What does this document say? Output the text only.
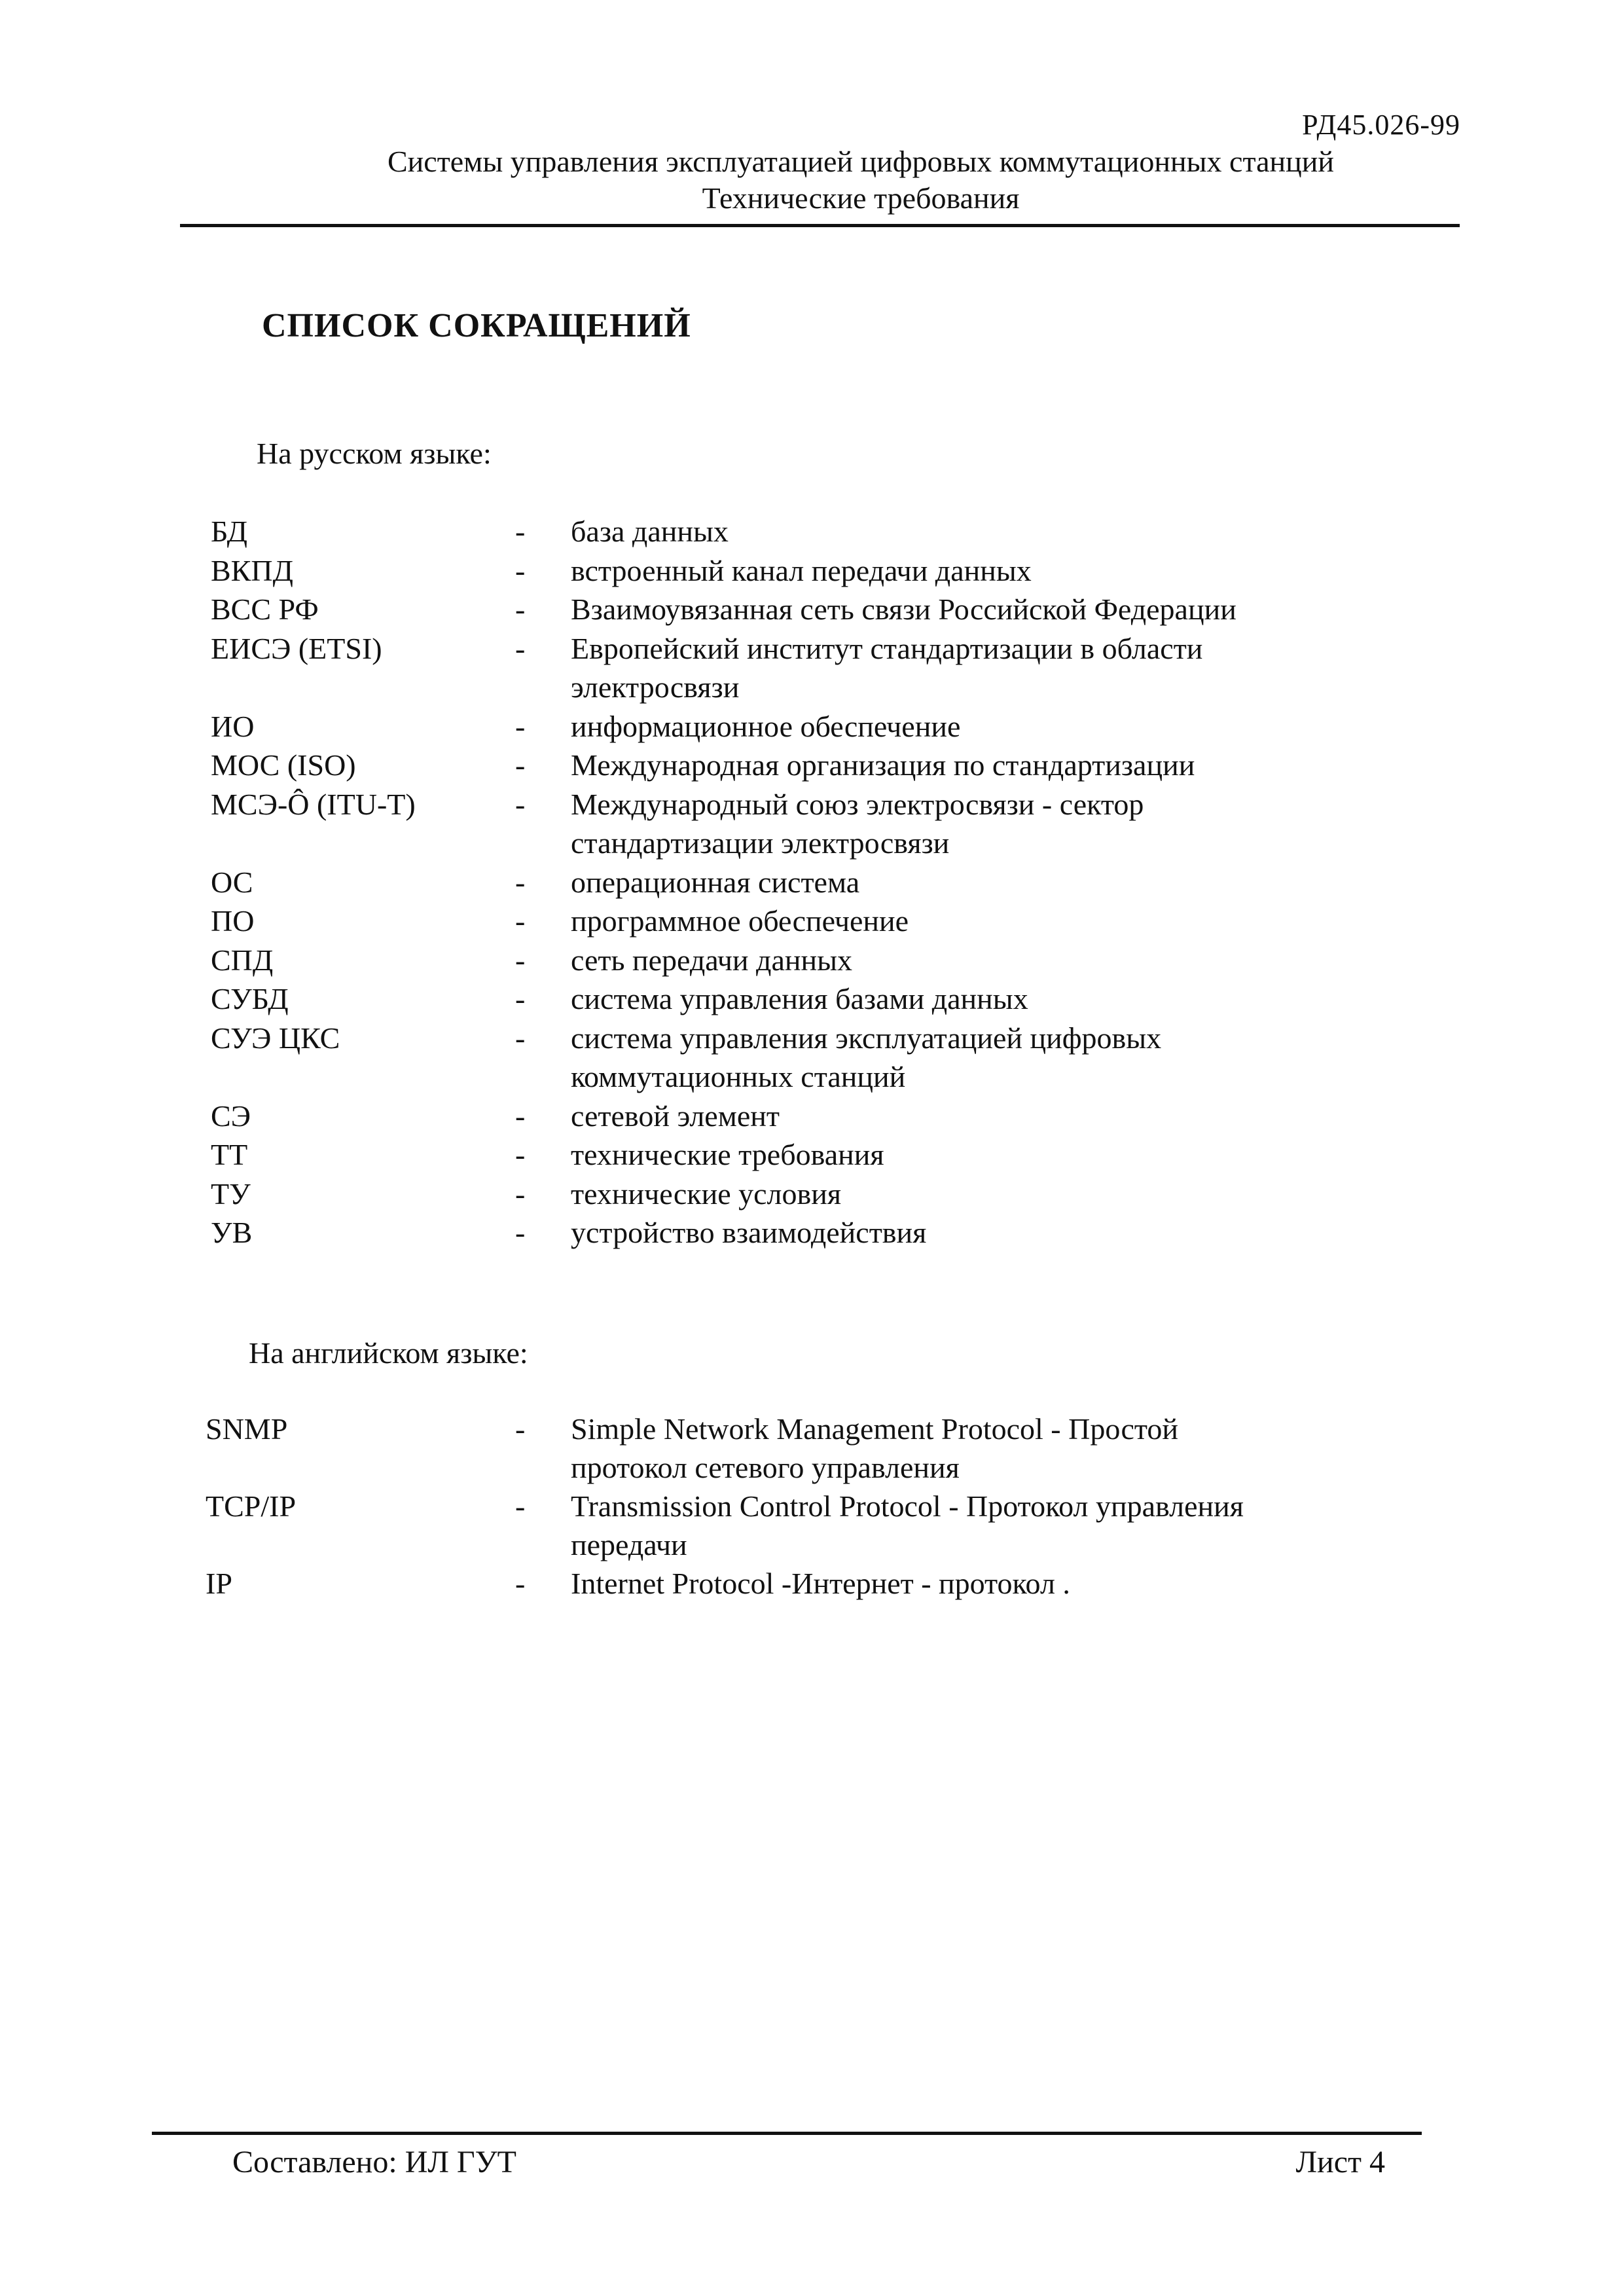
РД45.026-99
Системы управления эксплуатацией цифровых коммутационных станций
Технические требования
СПИСОК СОКРАЩЕНИЙ
На русском языке:
БД	-	база данных
ВКПД	-	встроенный канал передачи данных
ВСС РФ	-	Взаимоувязанная сеть связи Российской Федерации
ЕИСЭ (ETSI)	-	Европейский институт стандартизации в области
электросвязи
ИО	-	информационное обеспечение
МОС (ISO)	-	Международная организация по стандартизации
МСЭ-Ô (ITU-T)	-	Международный союз электросвязи - сектор
стандартизации электросвязи
ОС	-	операционная система
ПО	-	программное обеспечение
СПД	-	сеть передачи данных
СУБД	-	система управления базами данных
СУЭ ЦКС	-	система управления эксплуатацией цифровых
коммутационных станций
СЭ	-	сетевой элемент
ТТ	-	технические требования
ТУ	-	технические условия
УВ	-	устройство взаимодействия
На английском языке:
SNMP	-	Simple Network Management Protocol - Простой
протокол сетевого управления
TCP/IP	-	Transmission Control Protocol - Протокол управления
передачи
IP	-	Internet Protocol -Интернет - протокол .
Составлено: ИЛ ГУТ	Лист 4
